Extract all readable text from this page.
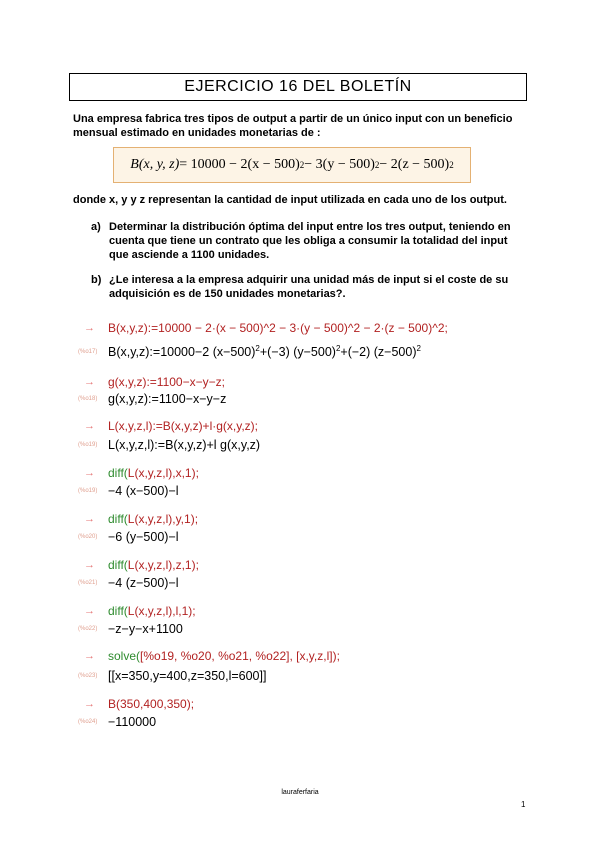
EJERCICIO 16 DEL BOLETÍN
Una empresa fabrica tres tipos de output a partir de un único input con un beneficio mensual estimado en unidades monetarias de :
B(x, y, z) = 10000 − 2(x − 500) 2 − 3(y − 500) 2 − 2(z − 500) 2
donde x, y y z representan la cantidad de input utilizada en cada uno de los output.
a) Determinar la distribución óptima del input entre los tres output, teniendo en cuenta que tiene un contrato que les obliga a consumir la totalidad del input que asciende a 1100 unidades.
b) ¿Le interesa a la empresa adquirir una unidad más de input si el coste de su adquisición es de 150 unidades monetarias?.
→	B(x,y,z):=10000 − 2·(x − 500)^2 − 3·(y − 500)^2 − 2·(z − 500)^2;
(%o17) B(x,y,z):=10000−2 $(x-500)^2+(-3)$ $(y-500)^2+(-2)$ $(z-500)^2$
→	g(x,y,z):=1100−x−y−z;
(%o18) g(x,y,z):=1100−x−y−z
→	L(x,y,z,l):=B(x,y,z)+l·g(x,y,z);
(%o19) L(x,y,z,l):=B(x,y,z)+l g(x,y,z)
→	diff(L(x,y,z,l),x,1);
(%o19) −4 (x−500)−l
→	diff(L(x,y,z,l),y,1);
(%o20) −6 (y−500)−l
→	diff(L(x,y,z,l),z,1);
(%o21) −4 (z−500)−l
→	diff(L(x,y,z,l),l,1);
(%o22) −z−y−x+1100
→	solve([%o19, %o20, %o21, %o22], [x,y,z,l]);
(%o23) [[x=350,y=400,z=350,l=600]]
→	B(350,400,350);
(%o24) −110000
lauraferfaria
1
